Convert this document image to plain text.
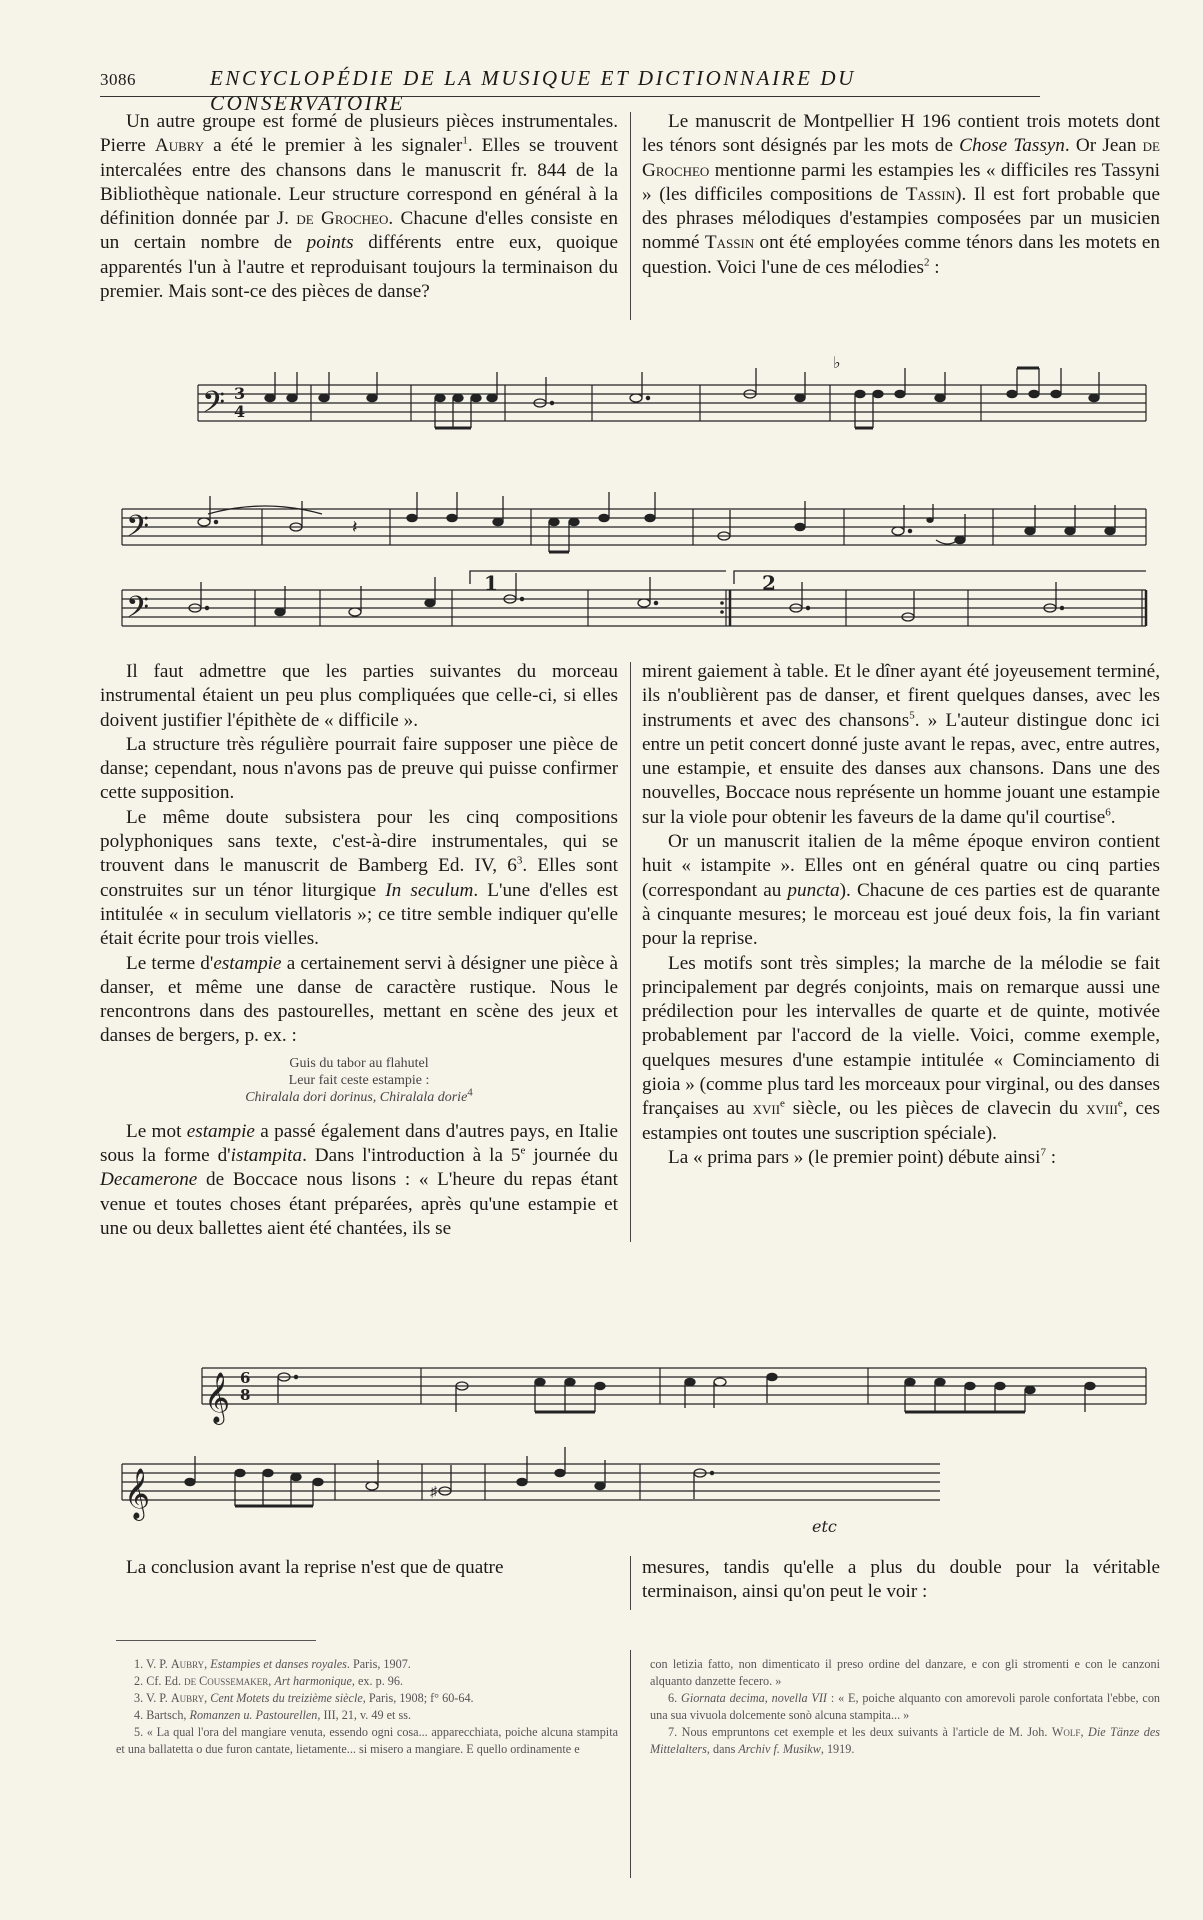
3086	ENCYCLOPÉDIE DE LA MUSIQUE ET DICTIONNAIRE DU CONSERVATOIRE

Un autre groupe est formé de plusieurs pièces instrumentales. Pierre Aubry a été le premier à les signaler$^1$. Elles se trouvent intercalées entre des chansons dans le manuscrit fr. 844 de la Bibliothèque nationale. Leur structure correspond en général à la définition donnée par J. de Grocheo. Chacune d'elles consiste en un certain nombre de points différents entre eux, quoique apparentés l'un à l'autre et reproduisant toujours la terminaison du premier. Mais sont-ce des pièces de danse?

Le manuscrit de Montpellier H 196 contient trois motets dont les ténors sont désignés par les mots de Chose Tassyn. Or Jean de Grocheo mentionne parmi les estampies les « difficiles res Tassyni » (les difficiles compositions de Tassin). Il est fort probable que des phrases mélodiques d'estampies composées par un musicien nommé Tassin ont été employées comme ténors dans les motets en question. Voici l'une de ces mélodies$^2$ :

𝄢 3
4
𝄢
𝄢
♭
1	2
𝄽

Il faut admettre que les parties suivantes du morceau instrumental étaient un peu plus compliquées que celle-ci, si elles doivent justifier l'épithète de « difficile ».

La structure très régulière pourrait faire supposer une pièce de danse; cependant, nous n'avons pas de preuve qui puisse confirmer cette supposition.

Le même doute subsistera pour les cinq compositions polyphoniques sans texte, c'est-à-dire instrumentales, qui se trouvent dans le manuscrit de Bamberg Ed. IV, $6^3$. Elles sont construites sur un ténor liturgique In seculum. L'une d'elles est intitulée « in seculum viellatoris »; ce titre semble indiquer qu'elle était écrite pour trois vielles.

Le terme d'estampie a certainement servi à désigner une pièce à danser, et même une danse de caractère rustique. Nous le rencontrons dans des pastourelles, mettant en scène des jeux et danses de bergers, p. ex. :

Guis du tabor au flahutel
Leur fait ceste estampie :
Chiralala dori dorinus, Chiralala dorie$^4$

Le mot estampie a passé également dans d'autres pays, en Italie sous la forme d'istampita. Dans l'introduction à la 5e journée du Decamerone de Boccace nous lisons : « L'heure du repas étant venue et toutes choses étant préparées, après qu'une estampie et une ou deux ballettes aient été chantées, ils se

mirent gaiement à table. Et le dîner ayant été joyeusement terminé, ils n'oublièrent pas de danser, et firent quelques danses, avec les instruments et avec des chansons$^5$. » L'auteur distingue donc ici entre un petit concert donné juste avant le repas, avec, entre autres, une estampie, et ensuite des danses aux chansons. Dans une des nouvelles, Boccace nous représente un homme jouant une estampie sur la viole pour obtenir les faveurs de la dame qu'il courtise$^6$.

Or un manuscrit italien de la même époque environ contient huit « istampite ». Elles ont en général quatre ou cinq parties (correspondant au puncta). Chacune de ces parties est de quarante à cinquante mesures; le morceau est joué deux fois, la fin variant pour la reprise.

Les motifs sont très simples; la marche de la mélodie se fait principalement par degrés conjoints, mais on remarque aussi une prédilection pour les intervalles de quarte et de quinte, motivée probablement par l'accord de la vielle. Voici, comme exemple, quelques mesures d'une estampie intitulée « Cominciamento di gioia » (comme plus tard les morceaux pour virginal, ou des danses françaises au xvii$^e$ siècle, ou les pièces de clavecin du xviii$^e$, ces estampies ont toutes une suscription spéciale).

La « prima pars » (le premier point) débute ainsi$^7$ :

𝄞 6
8
𝄞
etc
♯

La conclusion avant la reprise n'est que de quatre	mesures, tandis qu'elle a plus du double pour la véritable terminaison, ainsi qu'on peut le voir :

1. V. P. Aubry, Estampies et danses royales. Paris, 1907.

2. Cf. Ed. de Coussemaker, Art harmonique, ex. p. 96.

3. V. P. Aubry, Cent Motets du treizième siècle, Paris, 1908; f° 60-64.

4. Bartsch, Romanzen u. Pastourellen, III, 21, v. 49 et ss.

5. « La qual l'ora del mangiare venuta, essendo ogni cosa... apparecchiata, poiche alcuna stampita et una ballatetta o due furon cantate, lietamente... si misero a mangiare. E quello ordinamente e

con letizia fatto, non dimenticato il preso ordine del danzare, e con gli stromenti e con le canzoni alquanto danzette fecero. »

6. Giornata decima, novella VII : « E, poiche alquanto con amorevoli parole confortata l'ebbe, con una sua vivuola dolcemente sonò alcuna stampita... »

7. Nous empruntons cet exemple et les deux suivants à l'article de M. Joh. Wolf, Die Tänze des Mittelalters, dans Archiv f. Musikw, 1919.
